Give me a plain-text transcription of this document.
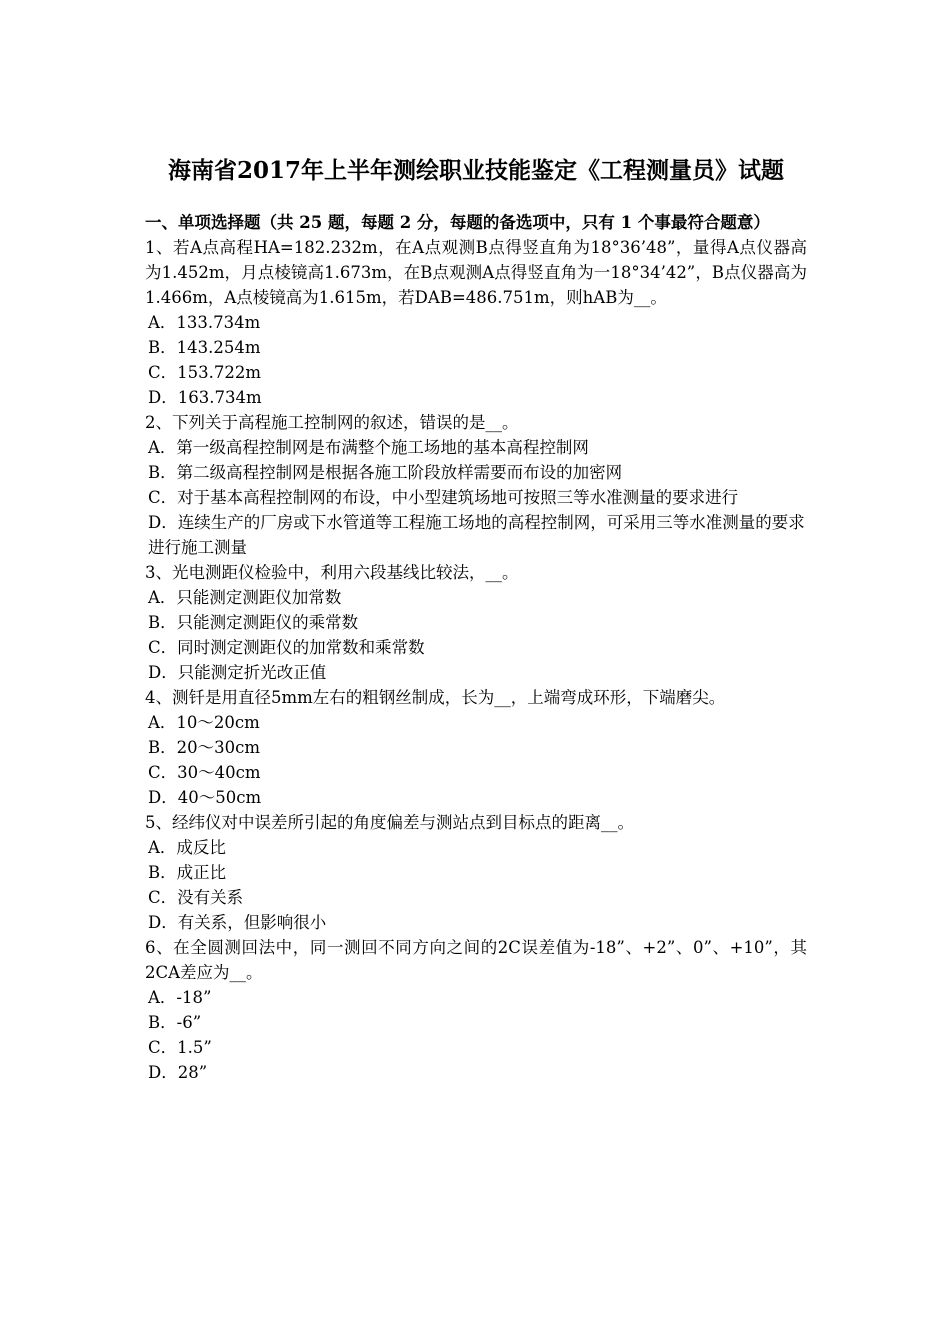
海南省2017年上半年测绘职业技能鉴定《工程测量员》试题

一、单项选择题（共 25 题，每题 2 分，每题的备选项中，只有 1 个事最符合题意）

1、若A点高程HA=182.232m，在A点观测B点得竖直角为18°36’48”，量得A点仪器高为1.452m，月点棱镜高1.673m，在B点观测A点得竖直角为一18°34’42”，B点仪器高为1.466m，A点棱镜高为1.615m，若DAB=486.751m，则hAB为__。

A．133.734m

B．143.254m

C．153.722m

D．163.734m

2、下列关于高程施工控制网的叙述，错误的是__。

A．第一级高程控制网是布满整个施工场地的基本高程控制网

B．第二级高程控制网是根据各施工阶段放样需要而布设的加密网

C．对于基本高程控制网的布设，中小型建筑场地可按照三等水准测量的要求进行

D．连续生产的厂房或下水管道等工程施工场地的高程控制网，可采用三等水准测量的要求进行施工测量

3、光电测距仪检验中，利用六段基线比较法，__。

A．只能测定测距仪加常数

B．只能测定测距仪的乘常数

C．同时测定测距仪的加常数和乘常数

D．只能测定折光改正值

4、测钎是用直径5mm左右的粗钢丝制成，长为__，上端弯成环形，下端磨尖。

A．10～20cm

B．20～30cm

C．30～40cm

D．40～50cm

5、经纬仪对中误差所引起的角度偏差与测站点到目标点的距离__。

A．成反比

B．成正比

C．没有关系

D．有关系，但影响很小

6、在全圆测回法中，同一测回不同方向之间的2C误差值为-18”、+2”、0”、+10”，其2CA差应为__。

A．-18”

B．-6”

C．1.5”

D．28”
